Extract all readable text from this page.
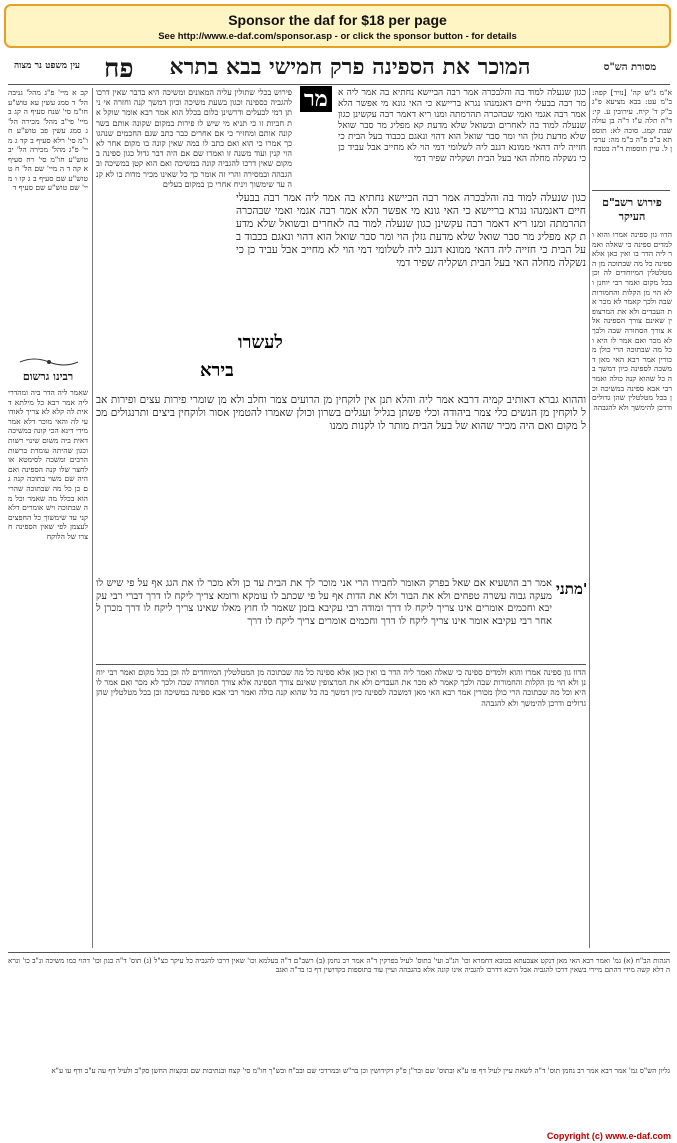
Sponsor the daf for $18 per page
See http://www.e-daf.com/sponsor.asp - or click the sponsor button - for details
עין משפט נר מצוה פח	המוכר את הספינה פרק חמישי בבא בתרא	מסורת הש"ס
קב א מיי' פ"ג מהל' גניבה הל' ד סמג עשין עא טוש"ע חו"מ סי' שנח סעיף ה קג ב מיי' פי"ב מהל' מכירה הל' ג סמג עשין פב טוש"ע חו"מ סי' רלא סעיף ב קד ג מיי' פ"ג מהל' מכירה הל' יב טוש"ע חו"מ סי' רח סעיף א קה ד ה מיי' שם הל' ח ט טוש"ע שם סעיף ב ג קו ו מיי' שם טוש"ע שם סעיף ד
רבינו גרשום
שאמר ליה הדר ביה ומהדרי ליה אמר רבא כל מילתא דאית לה קלא לא צריך לאודועי לה והאי מוכר דלא אמר מידי דינא הכי קונה במשיכה דאית ביה משום שינוי רשות וכגון שהיתה עומדת ברשות הרבים ומשכה לסימטא או לחצר שלו קנה הספינה ואם היה שם משוי בתוכה קנה גם כן כל מה שבתוכה שהרי הוא בכלל מה שאמר וכל מה שבתוכה ויש אומרים דלא קני עד שימשוך כל החפצים לעצמן לפי שאין הספינה חצרו של הלוקח
מר
פירוש בכלי שתולין עליה המאונים ומשיכה היא בדבר שאין דרכו להגביה כספינה וכגון בשעת משיכה וכיון דמשך קנה וחזרה אי ניתן דמי לבעלים ודרשינן כלום בכלל הוא אמר רבא אומר שוקל את חביות זו כי תניא מי שיש לו פירות במקום שקונה אותם בשר קונה אותם ומחזיר כי אם אחרים כבר כתב שגם החכמים שנהגו כך אמרו כי הוא ואם כתב לו במה שאין קונה בו מקום אחר לא הוי קנין ועוד משנה זו ואמרו שם אם היה דבר גדול כגון ספינה במקום שאין דרכו להגביה קונה במשיכה ואם הוא קטן במשיכה ובהגבהה ובמסירה והרי זה אומר כך כל שאינו מכיר מדות בו לא קנה עד שימשוך ויניח אחרי כן במקום בעלים
כגון שנעלה למוד בה והלבכרה אמר רבה הביישא נחתיא בה אמר ליה אמר רבה בבעלי חיים דאגמנהו נגרא בריישא כי האי גונא מי אפשר הלא אמר רבה אגמי ואמי שבהכרה תהרמתה ומנו ריא דאמר רבה עקשינן כגון שנעלה למוד בה לאחרים ובשואל שלא מדעת קא מפליג מר סבר שואל שלא מדעת גזלן הוי ומר סבר שואל הוא דהוי ונאגם בכבוד בעל הבית כי חזייה ליה דהאי ממונא דגנב ליה לשלומי דמי הוי לא מחייב אבל עביד כן כי נשקלה מחלה האי בעל הבית ושקליה שפיר דמי
כגון שנעלה למוד בה והלבכרה אמר רבה הביישא נחתיא בה אמר ליה אמר רבה בבעלי חיים דאגמנהו נגרא בריישא כי האי גונא מי אפשר הלא אמר רבה אגמי ואמי שבהכרה תהרמתה ומנו ריא דאמר רבה עקשינן כגון שנעלה למוד בה לאחרים ובשואל שלא מדעת קא מפליג מר סבר שואל שלא מדעת גזלן הוי ומר סבר שואל הוא דהוי ונאגם בכבוד בעל הבית כי חזייה ליה דהאי ממונא דגנב ליה לשלומי דמי הוי לא מחייב אבל עביד כן כי נשקלה מחלה האי בעל הבית ושקליה שפיר דמי
לעשרו
בירא
וההוא גברא דאותיב קמיה דרבא אמר ליה והלא תנן אין לוקחין מן הרועים צמר וחלב ולא מן שומרי פירות עצים ופירות אבל לוקחין מן הנשים כלי צמר ביהודה וכלי פשתן בגליל ועגלים בשרון וכולן שאמרו להטמין אסור ולוקחין ביצים ותרנגולים מכל מקום ואם היה מכיר שהוא של בעל הבית מותר לו לקנות ממנו
מתני'
אמר רב הושעיא אם שאל בפרק האומר לחבירו הרי אני מוכר לך את הבית עד כן ולא מכר לו את הגג אף על פי שיש לו מעקה גבוה עשרה טפחים ולא את הבור ולא את הדות אף על פי שכתב לו עומקא ורומא צריך ליקח לו דרך דברי רבי עקיבא וחכמים אומרים אינו צריך ליקח לו דרך ומודה רבי עקיבא בזמן שאמר לו חוץ מאלו שאינו צריך ליקח לו דרך מכרן לאחר רבי עקיבא אומר אינו צריך ליקח לו דרך וחכמים אומרים צריך ליקח לו דרך
א"מ ג"ש קה' [נזיר] קפה: ב"מ עט: בבא מציעא פ"ג ב"ק ד' קיח. עירובין ע. קי: ד"ה תלה ע"ז ד"ה בן עולה שבת קמג. סוכה לא: תוספתא ב"ב פ"ה ב"מ מה: ערכין ל. עיין תוספות ד"ה בטבח
פירוש רשב"ם העיקר
הדוו גון ספינה אמרו והוא ולמדים ספינה כי שאלה ואמר ליה הדר בו ואין כאן אלא ספינה כל מה שבתוכה מן המטלטלין המיוחדים לה וכן בכל מקום ואמר רבי יוחנן ולא הוי מן הקלות והחמורות שבה ולכך קאמר לא מכר את העבדים ולא את המרצופין שאינם צורך הספינה אלא צורך הסחורה שבה ולכך לא מכר ואם אמר לו היא וכל מה שבתוכה הרי כולן מכורין אמר רבא האי מאן דמשכה לספינה כיון דמשך בה כל שהוא קנה כולה ואמר רבי אבא ספינה במשיכה וכן בכל מטלטלין שהן גדולים ודרכן להימשך ולא להגבהה
הדוו גון ספינה אמרו והוא ולמדים ספינה כי שאלה ואמר ליה הדר בו ואין כאן אלא ספינה כל מה שבתוכה מן המטלטלין המיוחדים לה וכן בכל מקום ואמר רבי יוחנן ולא הוי מן הקלות והחמורות שבה ולכך קאמר לא מכר את העבדים ולא את המרצופין שאינם צורך הספינה אלא צורך הסחורה שבה ולכך לא מכר ואם אמר לו היא וכל מה שבתוכה הרי כולן מכורין אמר רבא האי מאן דמשכה לספינה כיון דמשך בה כל שהוא קנה כולה ואמר רבי אבא ספינה במשיכה וכן בכל מטלטלין שהן גדולים ודרכן להימשך ולא להגבהה
הגהות הב"ח (א) גמ' ואמר רבא האי מאן דנקט אצבעתא בכובא דחמרא וכו' הנ"ב ועי' בתוס' לעיל בפרקין ד"ה אמר רב נחמן (ב) רשב"ם ד"ה בעלמא וכו' שאין דרכו להגביה כל עיקר כצ"ל (ג) תוס' ד"ה כגון וכו' דהוי כמו משיכה ונ"ב כו' ונראה דלא קשה מידי דהתם מיירי בשאין דרכו להגביה אבל היכא דדרכו להגביה אינו קונה אלא בהגבהה ועיין עוד בתוספות בקדושין דף כו בד"ה ואגב
גליון הש"ס גמ' אמר רבא אמר רב נחמן תוס' ד"ה לשאת עיין לעיל דף פו ע"א ובתוס' שם ובר"ן פ"ק דקידושין וכן בר"ש ובמרדכי שם ובב"ח ובש"ך חו"מ סי' קצח ובנתיבות שם ובקצות החשן סק"ב ולעיל דף עה ע"ב ודף עו ע"א
Copyright (c) www.e-daf.com
